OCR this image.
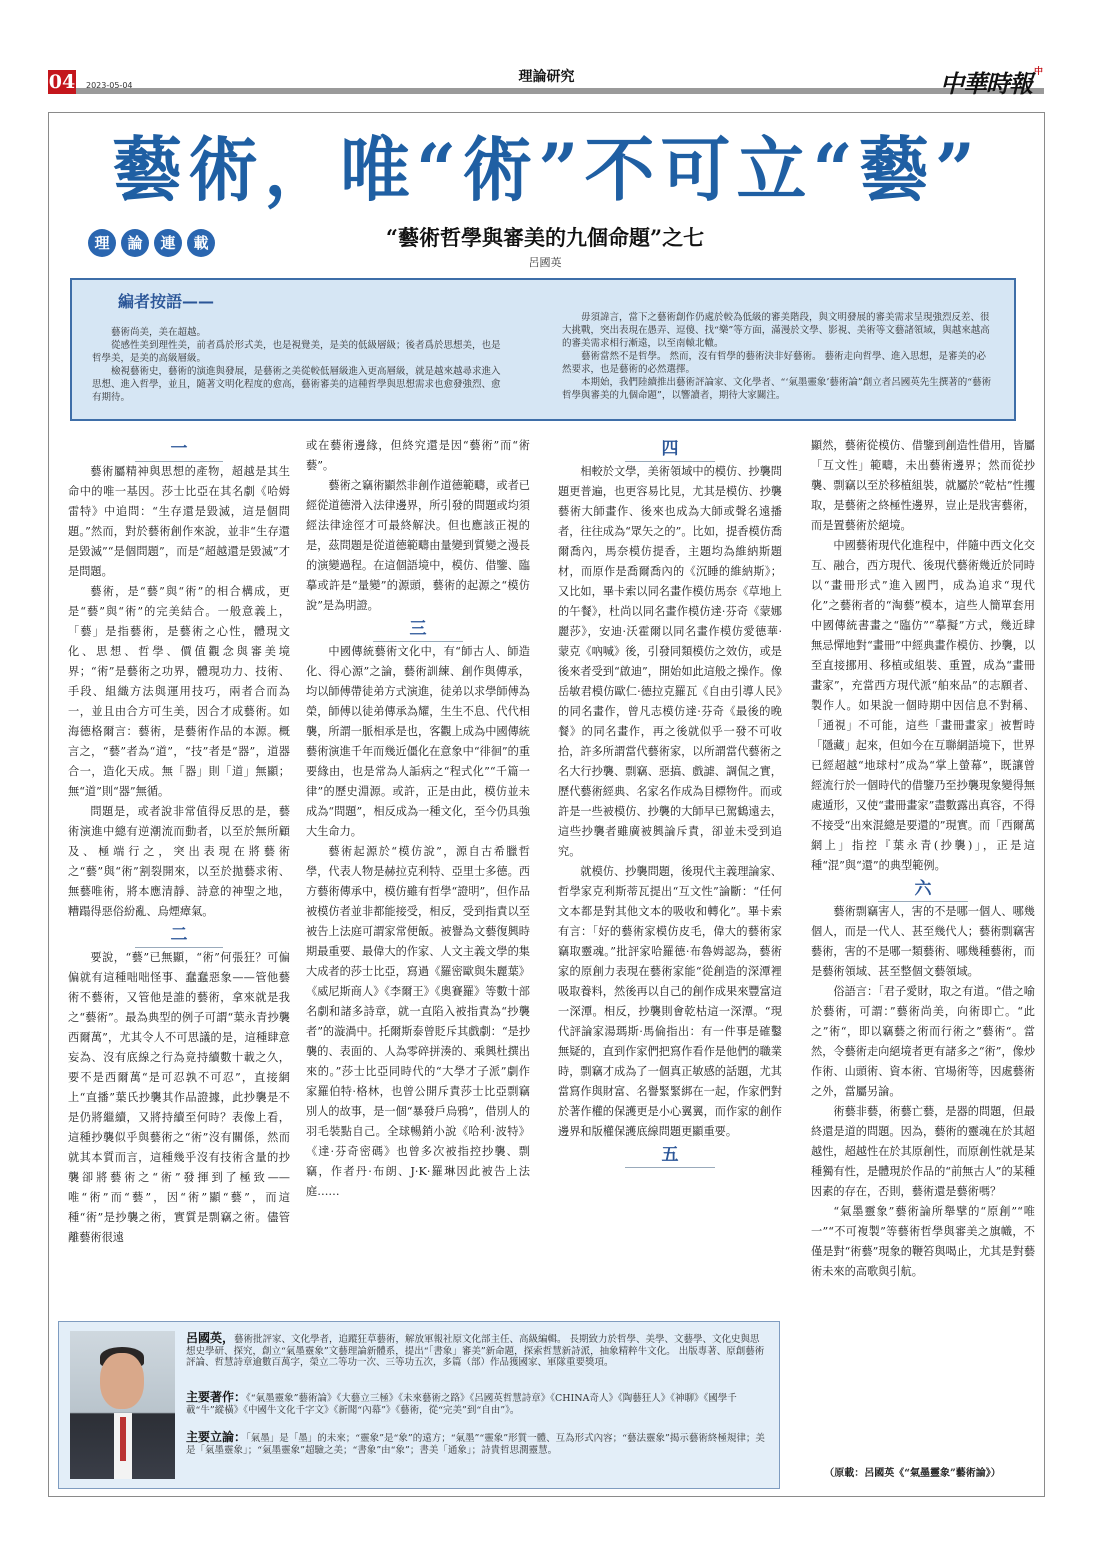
04 2023-05-04
理論研究	中華時報 $^中$
藝術，唯“術”不可立“藝”
理	論	連	載	“藝術哲學與審美的九個命題”之七
呂國英
編者按語——

藝術尚美，美在超越。

從感性美到理性美，前者爲於形式美，也是視覺美，是美的低級層級；後者爲於思想美，也是哲學美，是美的高級層級。

檢視藝術史，藝術的演進與發展，是藝術之美從較低層級進入更高層級，就是越來越尋求進入思想、進入哲學，並且，隨著文明化程度的愈高，藝術審美的這種哲學與思想需求也愈發強烈、愈有期待。

毋須諱言，當下之藝術創作仍處於較為低級的審美階段，與文明發展的審美需求呈現強烈反差、很大挑戰，突出表現在愚弄、逗傻、找“樂”等方面，滿漫於文學、影視、美術等文藝諸領域，與越來越高的審美需求相行漸遠，以至南轅北轍。

藝術當然不是哲學。 然而，沒有哲學的藝術決非好藝術。 藝術走向哲學、進入思想，是審美的必然要求，也是藝術的必然選擇。

本期始，我們陸續推出藝術評論家、文化學者、“‘氣墨靈象’藝術論”創立者呂國英先生撰著的“藝術哲學與審美的九個命題”，以響讀者，期待大家關注。

一

藝術屬精神與思想的產物，超越是其生命中的唯一基因。莎士比亞在其名劇《哈姆雷特》中追問：“生存還是毀滅，這是個問題。”然而，對於藝術創作來說，並非“生存還是毀滅”“是個問題”，而是“超越還是毀滅”才是問題。

藝術，是“藝”與“術”的相合構成，更是“藝”與“術”的完美結合。一般意義上，「藝」是指藝術，是藝術之心性，體現文化、思想、哲學、價值觀念與審美境界；“術”是藝術之功界，體現功力、技術、手段、組織方法與運用技巧，兩者合而為一，並且由合方可生美，因合才成藝術。如海德格爾言：藝術，是藝術作品的本源。概言之，“藝”者為“道”，“技”者是“器”，道器合一，造化天成。無「器」則「道」無顯；無“道”則“器”無循。

問題是，或者說非常值得反思的是，藝術演進中總有逆潮流而動者，以至於無所顧及、極端行之，突出表現在將藝術之“藝”與“術”割裂開來，以至於拋藝求術、無藝唯術，將本應清靜、詩意的神聖之地，糟蹋得惡俗紛亂、烏煙瘴氣。

二

要說，“藝”已無顯，“術”何張狂？可偏偏就有這種咄咄怪事、蠢蠢惡象——管他藝術不藝術，又管他是誰的藝術，拿來就是我之“藝術”。最為典型的例子可謂“葉永青抄襲西爾萬”，尤其令人不可思議的是，這種肆意妄為、沒有底線之行為竟持續數十載之久，要不是西爾萬“是可忍孰不可忍”，直接網上“直播”葉氏抄襲其作品證據，此抄襲是不是仍將繼續，又將持續至何時？表像上看，這種抄襲似乎與藝術之“術”沒有關係，然而就其本質而言，這種幾乎沒有技術含量的抄襲卻將藝術之“術”發揮到了極致——唯“術”而“藝”，因“術”顯“藝”，而這種“術”是抄襲之術，實質是剽竊之術。儘管離藝術很遠

或在藝術邊緣，但終究還是因“藝術”而“術藝”。

藝術之竊術顯然非創作道德範疇，或者已經從道德滑入法律邊界，所引發的問題或均須經法律途徑才可最終解決。但也應該正視的是，茲問題是從道德範疇由量變到質變之漫長的演變過程。在這個語境中，模仿、借鑒、臨摹或許是“量變”的源頭，藝術的起源之“模仿說”是為明證。

三

中國傳統藝術文化中，有“師古人、師造化、得心源”之論，藝術訓練、創作與傳承，均以師傅帶徒弟方式演進，徒弟以求學師傅為榮，師傅以徒弟傳承為耀，生生不息、代代相襲，所謂一脈相承是也，客觀上成為中國傳統藝術演進千年而幾近僵化在意象中“徘徊”的重要緣由，也是常為人詬病之“程式化”“千篇一律”的歷史淵源。或許，正是由此，模仿並未成為“問題”，相反成為一種文化，至今仍具強大生命力。

藝術起源於“模仿說”，源自古希臘哲學，代表人物是赫拉克利特、亞里士多德。西方藝術傳承中，模仿雖有哲學“證明”，但作品被模仿者並非都能接受，相反，受到指責以至被告上法庭可謂家常便飯。被譽為文藝復興時期最重要、最偉大的作家、人文主義文學的集大成者的莎士比亞，寫過《羅密歐與朱麗葉》《威尼斯商人》《李爾王》《奧賽羅》等數十部名劇和諸多詩章，就一直陷入被指責為“抄襲者”的漩渦中。托爾斯泰曾貶斥其戲劇：“是抄襲的、表面的、人為零碎拼湊的、乘興杜撰出來的。”莎士比亞同時代的“大學才子派”劇作家羅伯特·格林，也曾公開斥責莎士比亞剽竊別人的故事，是一個“暴發戶烏鴉”，借別人的羽毛裝點自己。全球暢銷小說《哈利·波特》《達·芬奇密碼》也曾多次被指控抄襲、剽竊，作者丹·布朗、J·K·羅琳因此被告上法庭……

四

相較於文學，美術領域中的模仿、抄襲問題更普遍，也更容易比見，尤其是模仿、抄襲藝術大師畫作、後來也成為大師或聲名遠播者，往往成為“眾矢之的”。比如，提香模仿喬爾喬內，馬奈模仿提香，主題均為維納斯題材，而原作是喬爾喬內的《沉睡的維納斯》；又比如，畢卡索以同名畫作模仿馬奈《草地上的午餐》，杜尚以同名畫作模仿達·芬奇《蒙娜麗莎》，安迪·沃霍爾以同名畫作模仿愛德華·蒙克《吶喊》後，引發同類模仿之效仿，或是後來者受到“啟迪”，開始如此這般之操作。像岳敏君模仿歐仁·德拉克羅瓦《自由引導人民》的同名畫作，曾凡志模仿達·芬奇《最後的晚餐》的同名畫作，再之後就似乎一發不可收拾，許多所謂當代藝術家，以所謂當代藝術之名大行抄襲、剽竊、惡搞、戲謔、調侃之實，歷代藝術經典、名家名作成為目標物件。而或許是一些被模仿、抄襲的大師早已駕鶴遠去，這些抄襲者雖廣被興論斥責，卻並未受到追究。

就模仿、抄襲問題，後現代主義理論家、哲學家克利斯蒂瓦提出“互文性”論斷：“任何文本都是對其他文本的吸收和轉化”。畢卡索有言：「好的藝術家模仿皮毛，偉大的藝術家竊取靈魂。”批評家哈羅德·布魯姆認為，藝術家的原創力表現在藝術家能“從創造的深潭裡吸取養料，然後再以自己的創作成果來豐富這一深潭。相反，抄襲則會乾枯這一深潭。“現代評論家湯瑪斯·馬倫指出：有一件事是確鑿無疑的，直到作家們把寫作看作是他們的職業時，剽竊才成為了一個真正敏感的話題，尤其當寫作與財富、名譽緊緊綁在一起，作家們對於著作權的保護更是小心翼翼，而作家的創作邊界和版權保護底線問題更顯重要。

五

顯然，藝術從模仿、借鑒到創造性借用，皆屬「互文性」範疇，未出藝術邊界；然而從抄襲、剽竊以至於移植組裝，就屬於“乾枯”性攫取，是藝術之終極性邊界，豈止是戕害藝術，而是置藝術於絕境。

中國藝術現代化進程中，伴隨中西文化交互、融合，西方現代、後現代藝術幾近於同時以“畫冊形式”進入國門，成為追求“現代化”之藝術者的“淘藝”模本，這些人簡單套用中國傳統書畫之“臨仿”“摹擬”方式，幾近肆無忌憚地對“畫冊”中經典畫作模仿、抄襲，以至直接挪用、移植或組裝、重置，成為“畫冊畫家”，充當西方現代派“舶來品”的志願者、製作人。如果說一個時期中因信息不對稱、「通視」不可能，這些「畫冊畫家」被暫時「隱藏」起來，但如今在互聯網語境下，世界已經超越“地球村”成為“掌上螢幕”，既讓曾經流行於一個時代的借鑒乃至抄襲現象變得無處遁形，又使“畫冊畫家”盡數露出真容，不得不接受“出來混總是要還的”現實。而「西爾萬網上」指控『葉永青(抄襲)」，正是這種“混”與“還”的典型範例。

六

藝術剽竊害人，害的不是哪一個人、哪幾個人，而是一代人、甚至幾代人；藝術剽竊害藝術，害的不是哪一類藝術、哪幾種藝術，而是藝術領域、甚至整個文藝領域。

俗語言：「君子愛財，取之有道。“借之喻於藝術，可謂：”藝術尚美，向術即亡。“此之”術“，即以竊藝之術而行術之”藝術“。當然，令藝術走向絕境者更有諸多之“術”，像炒作術、山頭術、資本術、官場術等，因處藝術之外，當屬另論。

術藝非藝，術藝亡藝，是器的問題，但最終還是道的問題。因為，藝術的靈魂在於其超越性，超越性在於其原創性，而原創性就是某種獨有性，是體現於作品的“前無古人”的某種因素的存在，否則，藝術還是藝術嗎？

“氣墨靈象”藝術論所舉擘的“原創”“唯一”“不可複製”等藝術哲學與審美之旗幟，不僅是對“術藝”現象的鞭笞與喝止，尤其是對藝術未來的高歌與引航。

呂國英，藝術批評家、文化學者，追蹤狂草藝術，解放軍報社原文化部主任、高級編輯。 長期致力於哲學、美學、文藝學、文化史與思想史學研、探究，創立“氣墨靈象”文藝理論新體系，提出“「書象」審美”新命題，探索哲慧新詩派，抽象精粹牛文化。 出版專著、原創藝術評論、哲慧詩章逾數百萬字，榮立二等功一次、三等功五次，多篇（部）作品獲國家、軍隊重要獎項。
主要著作：《“氣墨靈象”藝術論》《大藝立三極》《未來藝術之路》《呂國英哲慧詩章》《CHINA奇人》《陶藝狂人》《神聊》《國學千載“牛”縱橫》《中國牛文化千字文》《新聞“內幕”》《藝術，從“完美”到“自由”》。
主要立論：「氣墨」是「墨」的未來；“靈象”是“象”的遠方；“氣墨”“靈象”形質一體、互為形式內容；“藝法靈象”揭示藝術終極規律；美是「氣墨靈象」；“氣墨靈象”超驗之美；“書象”由“象”；書美「通象」；詩貴哲思潤靈慧。
（原載：呂國英《“氣墨靈象”藝術論》）
